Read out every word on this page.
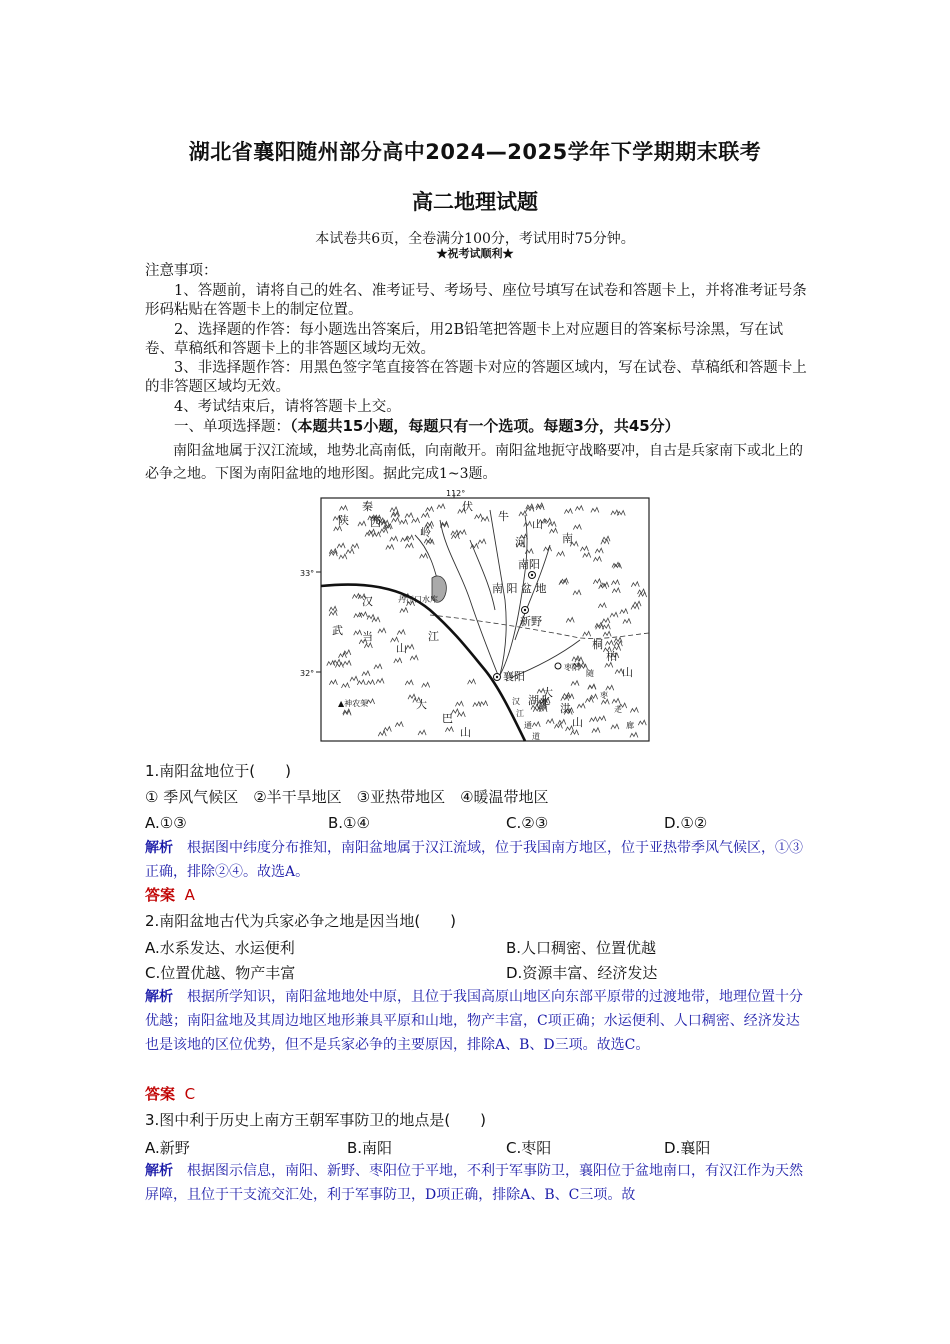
湖北省襄阳随州部分高中2024—2025学年下学期期末联考
高二地理试题
本试卷共6页，全卷满分100分，考试用时75分钟。
★祝考试顺利★
注意事项：
1、答题前，请将自己的姓名、准考证号、考场号、座位号填写在试卷和答题卡上，并将准考证号条形码粘贴在答题卡上的制定位置。
2、选择题的作答：每小题选出答案后，用2B铅笔把答题卡上对应题目的答案标号涂黑，写在试卷、草稿纸和答题卡上的非答题区域均无效。
3、非选择题作答：用黑色签字笔直接答在答题卡对应的答题区域内，写在试卷、草稿纸和答题卡上的非答题区域均无效。
4、考试结束后，请将答题卡上交。
一、单项选择题：（本题共15小题，每题只有一个选项。每题3分，共45分）
南阳盆地属于汉江流域，地势北高南低，向南敞开。南阳盆地扼守战略要冲，自古是兵家南下或北上的必争之地。下图为南阳盆地的地形图。据此完成1~3题。
112°
33°
32°
秦
岭
伏
牛
山
河	南
陕 西
南阳
南 阳 盆 地
丹江口水库
汉
江
武 当
山
新野
枣阳
襄阳
桐
柏
山
随
枣
走
廊
大
洪
山
湖北
▲神农架	大
巴
山
汉
江
通
道
1.南阳盆地位于(　　)
① 季风气候区　②半干旱地区　③亚热带地区　④暖温带地区
A.①③	B.①④	C.②③	D.①②
解析 根据图中纬度分布推知，南阳盆地属于汉江流域，位于我国南方地区，位于亚热带季风气候区，①③正确，排除②④。故选A。
答案 A
2.南阳盆地古代为兵家必争之地是因当地(　　)
A.水系发达、水运便利	B.人口稠密、位置优越
C.位置优越、物产丰富	D.资源丰富、经济发达
解析 根据所学知识，南阳盆地地处中原，且位于我国高原山地区向东部平原带的过渡地带，地理位置十分优越；南阳盆地及其周边地区地形兼具平原和山地，物产丰富，C项正确；水运便利、人口稠密、经济发达也是该地的区位优势，但不是兵家必争的主要原因，排除A、B、D三项。故选C。
答案 C
3.图中利于历史上南方王朝军事防卫的地点是(　　)
A.新野	B.南阳	C.枣阳	D.襄阳
解析 根据图示信息，南阳、新野、枣阳位于平地，不利于军事防卫，襄阳位于盆地南口，有汉江作为天然屏障，且位于干支流交汇处，利于军事防卫，D项正确，排除A、B、C三项。故
